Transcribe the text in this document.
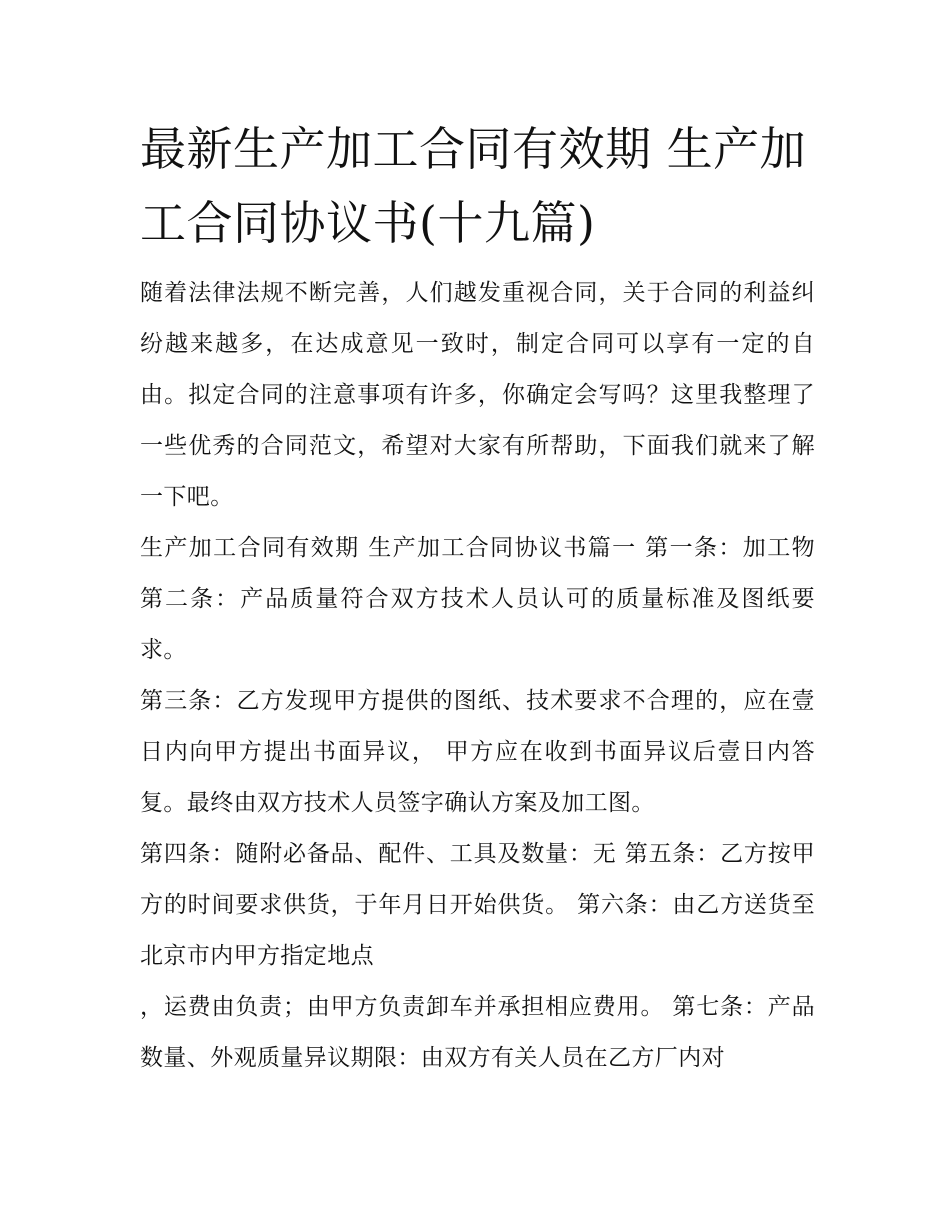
最新生产加工合同有效期 生产加工合同协议书(十九篇)

随着法律法规不断完善，人们越发重视合同，关于合同的利益纠纷越来越多，在达成意见一致时，制定合同可以享有一定的自由。拟定合同的注意事项有许多，你确定会写吗？这里我整理了一些优秀的合同范文，希望对大家有所帮助，下面我们就来了解一下吧。

生产加工合同有效期 生产加工合同协议书篇一 第一条：加工物 第二条：产品质量符合双方技术人员认可的质量标准及图纸要求。

第三条：乙方发现甲方提供的图纸、技术要求不合理的，应在壹日内向甲方提出书面异议， 甲方应在收到书面异议后壹日内答复。最终由双方技术人员签字确认方案及加工图。

第四条：随附必备品、配件、工具及数量：无 第五条：乙方按甲方的时间要求供货，于年月日开始供货。 第六条：由乙方送货至北京市内甲方指定地点

，运费由负责；由甲方负责卸车并承担相应费用。 第七条：产品数量、外观质量异议期限：由双方有关人员在乙方厂内对
